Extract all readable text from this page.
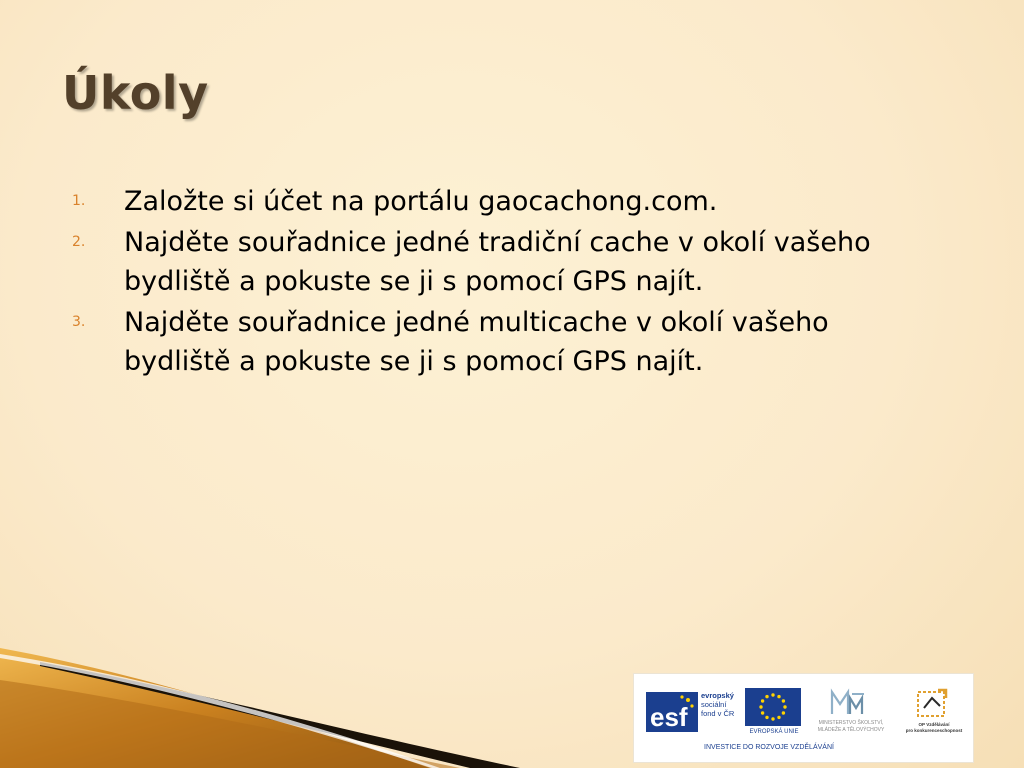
Úkoly
1.	Založte si účet na portálu gaocachong.com.
2.	Najděte souřadnice jedné tradiční cache v okolí vašeho bydliště a pokuste se ji s pomocí GPS najít.
3.	Najděte souřadnice jedné multicache v okolí vašeho bydliště a pokuste se ji s pomocí GPS najít.
esf
evropský
sociální
fond v ČR
EVROPSKÁ UNIE
MINISTERSTVO ŠKOLSTVÍ,
MLÁDEŽE A TĚLOVÝCHOVY
OP Vzdělávání
pro konkurenceschopnost
INVESTICE DO ROZVOJE VZDĚLÁVÁNÍ
